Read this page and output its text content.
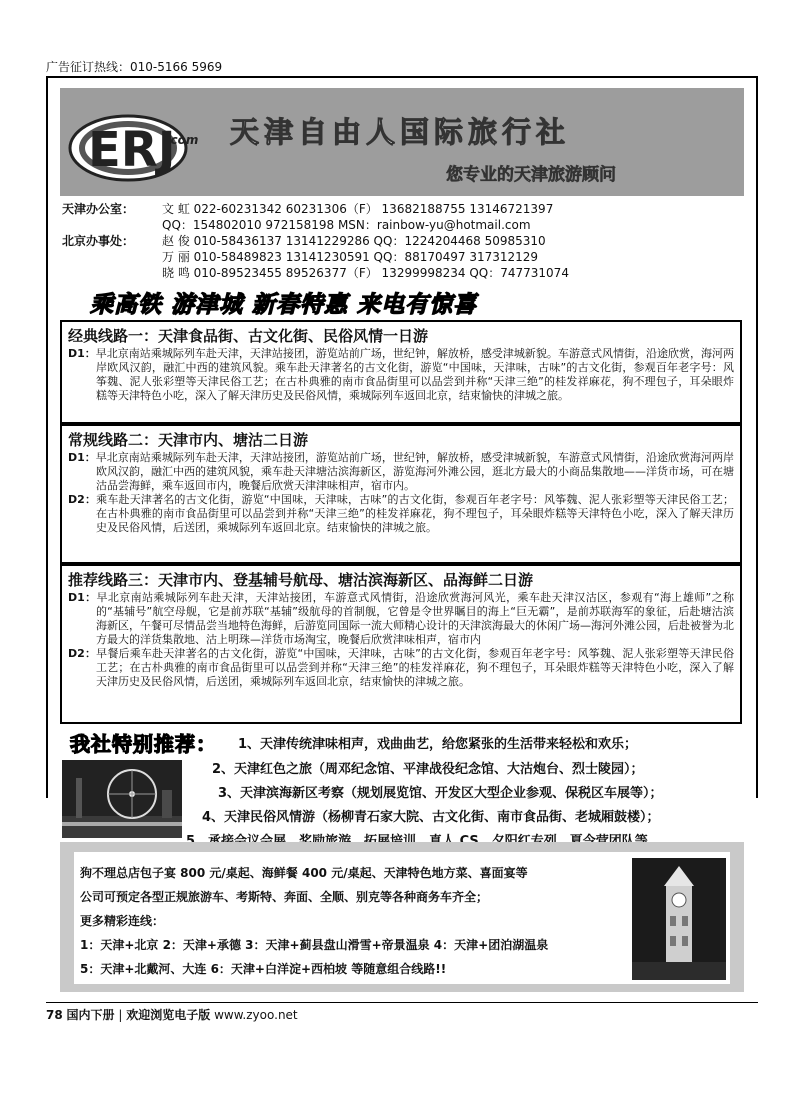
广告征订热线：010-5166 5969
ERJ
.com 天津自由人国际旅行社
您专业的天津旅游顾问
天津办公室： 文 虹 022-60231342 60231306（F） 13682188755 13146721397
QQ：154802010 972158198 MSN：rainbow-yu@hotmail.com
北京办事处： 赵 俊 010-58436137 13141229286 QQ：1224204468 50985310
万 丽 010-58489823 13141230591 QQ：88170497 317312129
晓 鸣 010-89523455 89526377（F） 13299998234 QQ：747731074
乘高铁 游津城 新春特惠 来电有惊喜
经典线路一：天津食品街、古文化街、民俗风情一日游

D1：早北京南站乘城际列车赴天津，天津站接团，游览站前广场，世纪钟，解放桥，感受津城新貌。车游意式风情街，沿途欣赏，海河两岸欧风汉韵，融汇中西的建筑风貌。乘车赴天津著名的古文化街，游览“中国味，天津味，古味”的古文化街，参观百年老字号：风筝魏、泥人张彩塑等天津民俗工艺；在古朴典雅的南市食品街里可以品尝到并称“天津三绝”的桂发祥麻花，狗不理包子，耳朵眼炸糕等天津特色小吃，深入了解天津历史及民俗风情，乘城际列车返回北京，结束愉快的津城之旅。

常规线路二：天津市内、塘沽二日游

D1：早北京南站乘城际列车赴天津，天津站接团，游览站前广场，世纪钟，解放桥，感受津城新貌，车游意式风情街，沿途欣赏海河两岸欧风汉韵，融汇中西的建筑风貌，乘车赴天津塘沽滨海新区，游览海河外滩公园，逛北方最大的小商品集散地——洋货市场，可在塘沽品尝海鲜，乘车返回市内，晚餐后欣赏天津津味相声，宿市内。

D2：乘车赴天津著名的古文化街，游览“中国味，天津味，古味”的古文化街，参观百年老字号：风筝魏、泥人张彩塑等天津民俗工艺；在古朴典雅的南市食品街里可以品尝到并称“天津三绝”的桂发祥麻花，狗不理包子，耳朵眼炸糕等天津特色小吃，深入了解天津历史及民俗风情，后送团，乘城际列车返回北京。结束愉快的津城之旅。

推荐线路三：天津市内、登基辅号航母、塘沽滨海新区、品海鲜二日游

D1：早北京南站乘城际列车赴天津，天津站接团，车游意式风情街，沿途欣赏海河风光，乘车赴天津汉沽区，参观有“海上雄师”之称的“基辅号”航空母舰，它是前苏联“基辅”级航母的首制舰，它曾是令世界瞩目的海上“巨无霸”，是前苏联海军的象征，后赴塘沽滨海新区，午餐可尽情品尝当地特色海鲜，后游览同国际一流大师精心设计的天津滨海最大的休闲广场—海河外滩公园，后赴被誉为北方最大的洋货集散地、沽上明珠—洋货市场淘宝，晚餐后欣赏津味相声，宿市内

D2：早餐后乘车赴天津著名的古文化街，游览“中国味，天津味，古味”的古文化街，参观百年老字号：风筝魏、泥人张彩塑等天津民俗工艺；在古朴典雅的南市食品街里可以品尝到并称“天津三绝”的桂发祥麻花，狗不理包子，耳朵眼炸糕等天津特色小吃，深入了解天津历史及民俗风情，后送团，乘城际列车返回北京，结束愉快的津城之旅。

我社特别推荐： 1、天津传统津味相声，戏曲曲艺，给您紧张的生活带来轻松和欢乐；
2、天津红色之旅（周邓纪念馆、平津战役纪念馆、大沽炮台、烈士陵园）；
3、天津滨海新区考察（规划展览馆、开发区大型企业参观、保税区车展等）；
4、天津民俗风情游（杨柳青石家大院、古文化街、南市食品街、老城厢鼓楼）；
狗不理总店包子宴 800 元/桌起、海鲜餐 400 元/桌起、天津特色地方菜、喜面宴等
公司可预定各型正规旅游车、考斯特、奔面、全顺、别克等各种商务车齐全；
更多精彩连线：
1：天津+北京 2：天津+承德 3：天津+蓟县盘山滑雪+帝景温泉 4：天津+团泊湖温泉
5：天津+北戴河、大连 6：天津+白洋淀+西柏坡 等随意组合线路!!
78 国内下册 | 欢迎浏览电子版 www.zyoo.net
